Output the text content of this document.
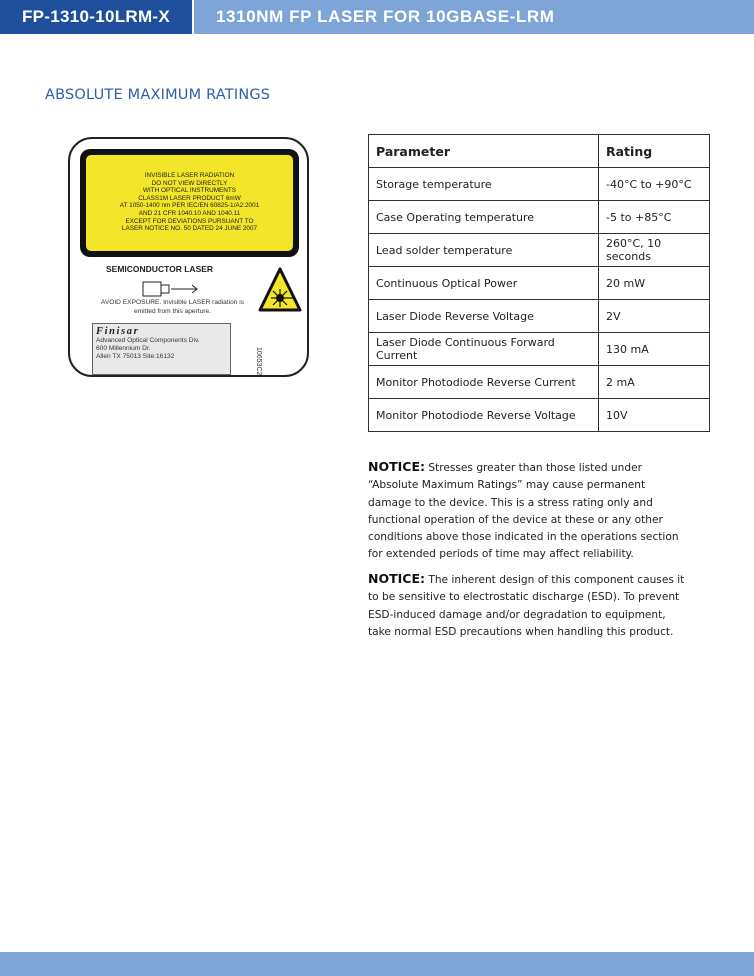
FP-1310-10LRM-X	1310NM FP LASER FOR 10GBASE-LRM
ABSOLUTE MAXIMUM RATINGS
INVISIBLE LASER RADIATION
DO NOT VIEW DIRECTLY
WITH OPTICAL INSTRUMENTS
CLASS1M LASER PRODUCT 6mW
AT 1050-1400 nm PER IEC/EN 60825-1/A2:2001
AND 21 CFR 1040.10 AND 1040.11
EXCEPT FOR DEVIATIONS PURSUANT TO
LASER NOTICE NO. 50 DATED 24 JUNE 2007
SEMICONDUCTOR LASER
AVOID EXPOSURE. Invisible LASER radiation is emitted from this aperture.
Finisar
Advanced Optical Components Div.
600 Millennium Dr.
Allen TX 75013 Site:16132	10653C2
Parameter	Rating
Storage temperature	-40°C to +90°C
Case Operating temperature	-5 to +85°C
Lead solder temperature	260°C, 10 seconds
Continuous Optical Power	20 mW
Laser Diode Reverse Voltage	2V
Laser Diode Continuous Forward Current	130 mA
Monitor Photodiode Reverse Current	2 mA
Monitor Photodiode Reverse Voltage	10V
NOTICE: Stresses greater than those listed under “Absolute Maximum Ratings” may cause permanent damage to the device. This is a stress rating only and functional operation of the device at these or any other conditions above those indicated in the operations section for extended periods of time may affect reliability.
NOTICE: The inherent design of this component causes it to be sensitive to electrostatic discharge (ESD). To prevent ESD-induced damage and/or degradation to equipment, take normal ESD precautions when handling this product.
